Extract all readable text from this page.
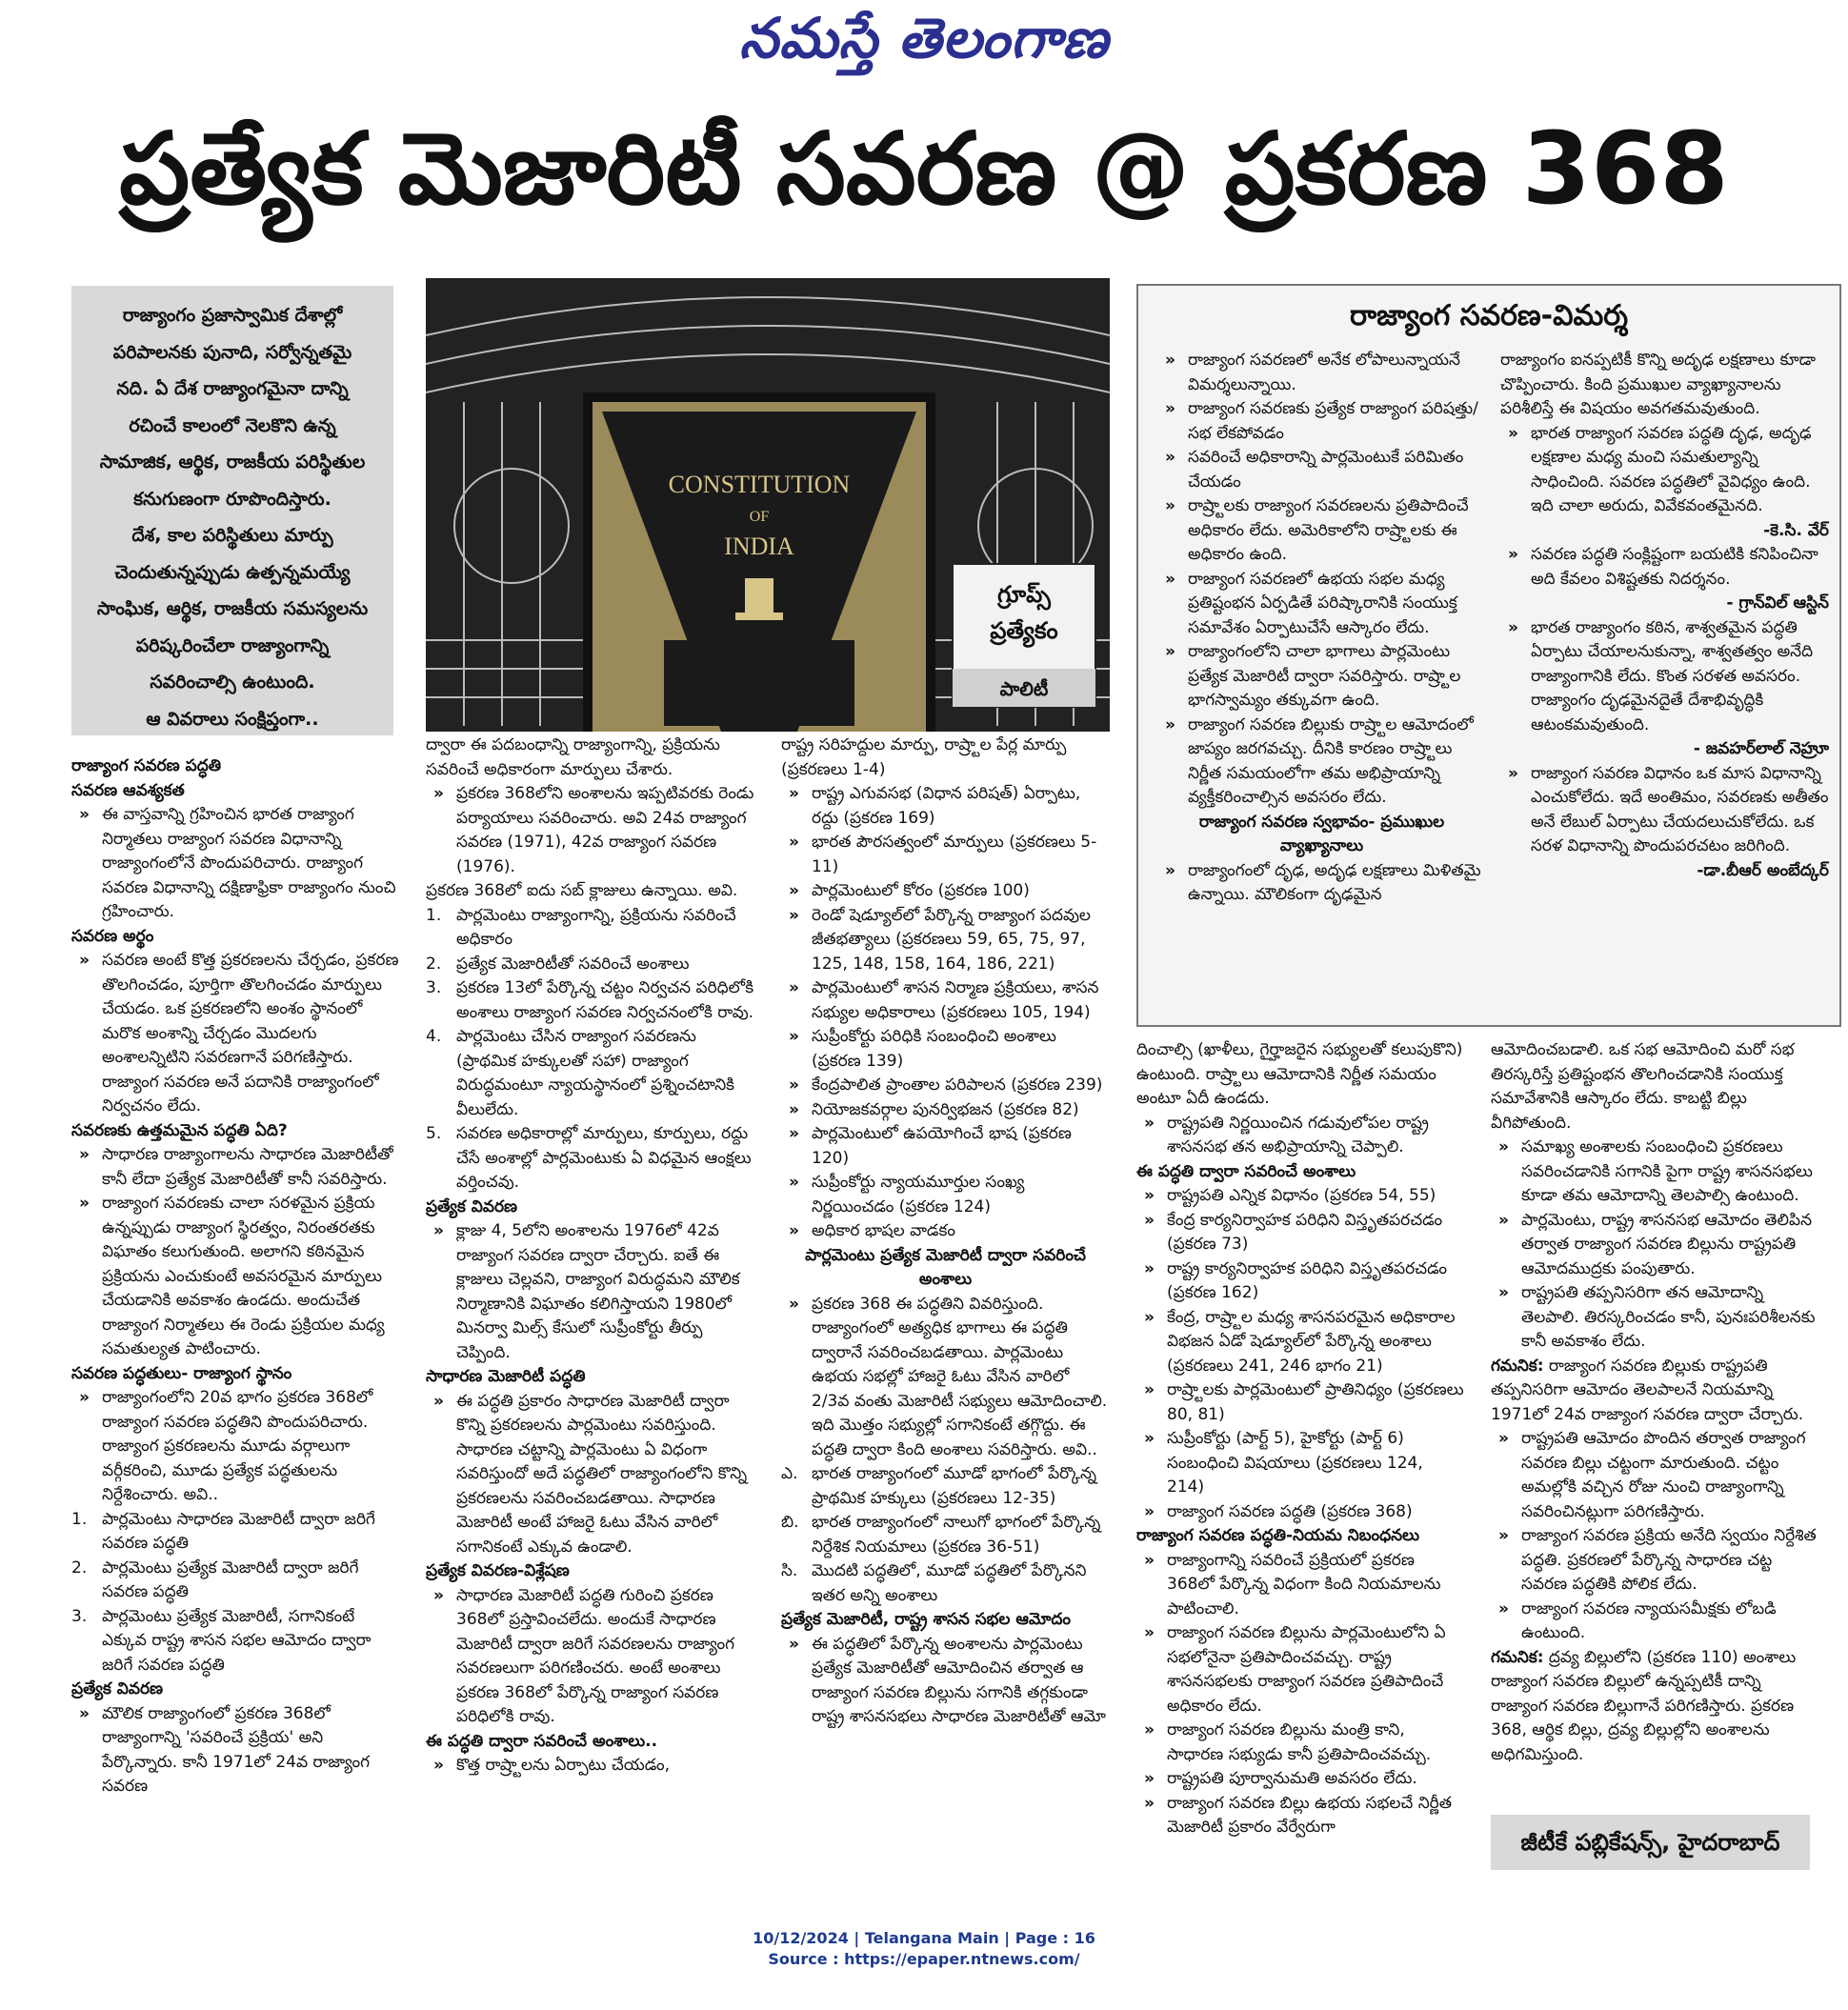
నమస్తే తెలంగాణ
ప్రత్యేక మెజారిటీ సవరణ @ ప్రకరణ 368
రాజ్యాంగం ప్రజాస్వామిక దేశాల్లో
పరిపాలనకు పునాది, సర్వోన్నతమై
నది. ఏ దేశ రాజ్యాంగమైనా దాన్ని
రచించే కాలంలో నెలకొని ఉన్న
సామాజిక, ఆర్థిక, రాజకీయ పరిస్థితుల
కనుగుణంగా రూపొందిస్తారు.
దేశ, కాల పరిస్థితులు మార్పు
చెందుతున్నప్పుడు ఉత్పన్నమయ్యే
సాంఘిక, ఆర్థిక, రాజకీయ సమస్యలను
పరిష్కరించేలా రాజ్యాంగాన్ని
సవరించాల్సి ఉంటుంది.
ఆ వివరాలు సంక్షిప్తంగా..
CONSTITUTION
OF
INDIA
గ్రూప్స్
ప్రత్యేకం
పాలిటీ
రాజ్యాంగ సవరణ-విమర్శ

» రాజ్యాంగ సవరణలో అనేక లోపాలున్నాయనే విమర్శలున్నాయి.

» రాజ్యాంగ సవరణకు ప్రత్యేక రాజ్యాంగ పరిషత్తు/సభ లేకపోవడం

» సవరించే అధికారాన్ని పార్లమెంటుకే పరిమితం చేయడం

» రాష్ర్టాలకు రాజ్యాంగ సవరణలను ప్రతిపాదించే అధికారం లేదు. అమెరికాలోని రాష్ర్టాలకు ఈ అధికారం ఉంది.

» రాజ్యాంగ సవరణలో ఉభయ సభల మధ్య ప్రతిష్టంభన ఏర్పడితే పరిష్కారానికి సంయుక్త సమావేశం ఏర్పాటుచేసే ఆస్కారం లేదు.

» రాజ్యాంగంలోని చాలా భాగాలు పార్లమెంటు ప్రత్యేక మెజారిటీ ద్వారా సవరిస్తారు. రాష్ర్టాల భాగస్వామ్యం తక్కువగా ఉంది.

» రాజ్యాంగ సవరణ బిల్లుకు రాష్ర్టాల ఆమోదంలో జాప్యం జరగవచ్చు. దీనికి కారణం రాష్ర్టాలు నిర్ణీత సమయంలోగా తమ అభిప్రాయాన్ని వ్యక్తీకరించాల్సిన అవసరం లేదు.

రాజ్యాంగ సవరణ స్వభావం- ప్రముఖుల వ్యాఖ్యానాలు

» రాజ్యాంగంలో దృఢ, అదృఢ లక్షణాలు మిళితమై ఉన్నాయి. మౌలికంగా దృఢమైన

రాజ్యాంగం ఐనప్పటికీ కొన్ని అదృఢ లక్షణాలు కూడా చొప్పించారు. కింది ప్రముఖుల వ్యాఖ్యానాలను పరిశీలిస్తే ఈ విషయం అవగతమవుతుంది.

» భారత రాజ్యాంగ సవరణ పద్ధతి దృఢ, అదృఢ లక్షణాల మధ్య మంచి సమతుల్యాన్ని సాధించింది. సవరణ పద్ధతిలో వైవిధ్యం ఉంది. ఇది చాలా అరుదు, వివేకవంతమైనది.

-కె.సి. వేర్

» సవరణ పద్ధతి సంక్లిష్టంగా బయటికి కనిపించినా అది కేవలం విశిష్టతకు నిదర్శనం.

- గ్రాన్‌విల్ ఆస్టిన్

» భారత రాజ్యాంగం కఠిన, శాశ్వతమైన పద్ధతి ఏర్పాటు చేయాలనుకున్నా, శాశ్వతత్వం అనేది రాజ్యాంగానికి లేదు. కొంత సరళత అవసరం. రాజ్యాంగం దృఢమైనదైతే దేశాభివృద్ధికి ఆటంకమవుతుంది.

- జవహర్‌లాల్ నెహ్రూ

» రాజ్యాంగ సవరణ విధానం ఒక మాస విధానాన్ని ఎంచుకోలేదు. ఇదే అంతిమం, సవరణకు అతీతం అనే లేబుల్ ఏర్పాటు చేయదలుచుకోలేదు. ఒక సరళ విధానాన్ని పొందుపరచటం జరిగింది.

-డా.బీఆర్ అంబేద్కర్

రాజ్యాంగ సవరణ పద్ధతి

సవరణ ఆవశ్యకత

» ఈ వాస్తవాన్ని గ్రహించిన భారత రాజ్యాంగ నిర్మాతలు రాజ్యాంగ సవరణ విధానాన్ని రాజ్యాంగంలోనే పొందుపరిచారు. రాజ్యాంగ సవరణ విధానాన్ని దక్షిణాఫ్రికా రాజ్యాంగం నుంచి గ్రహించారు.

సవరణ అర్థం

» సవరణ అంటే కొత్త ప్రకరణలను చేర్చడం, ప్రకరణ తొలగించడం, పూర్తిగా తొలగించడం మార్పులు చేయడం. ఒక ప్రకరణలోని అంశం స్థానంలో మరొక అంశాన్ని చేర్చడం మొదలగు అంశాలన్నిటిని సవరణగానే పరిగణిస్తారు. రాజ్యాంగ సవరణ అనే పదానికి రాజ్యాంగంలో నిర్వచనం లేదు.

సవరణకు ఉత్తమమైన పద్ధతి ఏది?

» సాధారణ రాజ్యాంగాలను సాధారణ మెజారిటీతో కానీ లేదా ప్రత్యేక మెజారిటీతో కానీ సవరిస్తారు.

» రాజ్యాంగ సవరణకు చాలా సరళమైన ప్రక్రియ ఉన్నప్పుడు రాజ్యాంగ స్థిరత్వం, నిరంతరతకు విఘాతం కలుగుతుంది. అలాగని కఠినమైన ప్రక్రియను ఎంచుకుంటే అవసరమైన మార్పులు చేయడానికి అవకాశం ఉండదు. అందుచేత రాజ్యాంగ నిర్మాతలు ఈ రెండు ప్రక్రియల మధ్య సమతుల్యత పాటించారు.

సవరణ పద్ధతులు- రాజ్యాంగ స్థానం

» రాజ్యాంగంలోని 20వ భాగం ప్రకరణ 368లో రాజ్యాంగ సవరణ పద్ధతిని పొందుపరిచారు. రాజ్యాంగ ప్రకరణలను మూడు వర్గాలుగా వర్గీకరించి, మూడు ప్రత్యేక పద్ధతులను నిర్దేశించారు. అవి..

1. పార్లమెంటు సాధారణ మెజారిటీ ద్వారా జరిగే సవరణ పద్ధతి

2. పార్లమెంటు ప్రత్యేక మెజారిటీ ద్వారా జరిగే సవరణ పద్ధతి

3. పార్లమెంటు ప్రత్యేక మెజారిటీ, సగానికంటే ఎక్కువ రాష్ట్ర శాసన సభల ఆమోదం ద్వారా జరిగే సవరణ పద్ధతి

ప్రత్యేక వివరణ

» మౌలిక రాజ్యాంగంలో ప్రకరణ 368లో రాజ్యాంగాన్ని 'సవరించే ప్రక్రియ' అని పేర్కొన్నారు. కానీ 1971లో 24వ రాజ్యాంగ సవరణ

ద్వారా ఈ పదబంధాన్ని రాజ్యాంగాన్ని, ప్రక్రియను సవరించే అధికారంగా మార్పులు చేశారు.

» ప్రకరణ 368లోని అంశాలను ఇప్పటివరకు రెండు పర్యాయాలు సవరించారు. అవి 24వ రాజ్యాంగ సవరణ (1971), 42వ రాజ్యాంగ సవరణ (1976).

ప్రకరణ 368లో ఐదు సబ్ క్లాజులు ఉన్నాయి. అవి.

1. పార్లమెంటు రాజ్యాంగాన్ని, ప్రక్రియను సవరించే అధికారం

2. ప్రత్యేక మెజారిటీతో సవరించే అంశాలు

3. ప్రకరణ 13లో పేర్కొన్న చట్టం నిర్వచన పరిధిలోకి అంశాలు రాజ్యాంగ సవరణ నిర్వచనంలోకి రావు.

4. పార్లమెంటు చేసిన రాజ్యాంగ సవరణను (ప్రాథమిక హక్కులతో సహా) రాజ్యాంగ విరుద్ధమంటూ న్యాయస్థానంలో ప్రశ్నించటానికి వీలులేదు.

5. సవరణ అధికారాల్లో మార్పులు, కూర్పులు, రద్దు చేసే అంశాల్లో పార్లమెంటుకు ఏ విధమైన ఆంక్షలు వర్తించవు.

ప్రత్యేక వివరణ

» క్లాజు 4, 5లోని అంశాలను 1976లో 42వ రాజ్యాంగ సవరణ ద్వారా చేర్చారు. ఐతే ఈ క్లాజులు చెల్లవని, రాజ్యాంగ విరుద్ధమని మౌలిక నిర్మాణానికి విఘాతం కలిగిస్తాయని 1980లో మినర్వా మిల్స్ కేసులో సుప్రీంకోర్టు తీర్పు చెప్పింది.

సాధారణ మెజారిటీ పద్ధతి

» ఈ పద్ధతి ప్రకారం సాధారణ మెజారిటీ ద్వారా కొన్ని ప్రకరణలను పార్లమెంటు సవరిస్తుంది. సాధారణ చట్టాన్ని పార్లమెంటు ఏ విధంగా సవరిస్తుందో అదే పద్ధతిలో రాజ్యాంగంలోని కొన్ని ప్రకరణలను సవరించబడతాయి. సాధారణ మెజారిటీ అంటే హాజరై ఓటు వేసిన వారిలో సగానికంటే ఎక్కువ ఉండాలి.

ప్రత్యేక వివరణ-విశ్లేషణ

» సాధారణ మెజారిటీ పద్ధతి గురించి ప్రకరణ 368లో ప్రస్తావించలేదు. అందుకే సాధారణ మెజారిటీ ద్వారా జరిగే సవరణలను రాజ్యాంగ సవరణలుగా పరిగణించరు. అంటే అంశాలు ప్రకరణ 368లో పేర్కొన్న రాజ్యాంగ సవరణ పరిధిలోకి రావు.

ఈ పద్ధతి ద్వారా సవరించే అంశాలు..

» కొత్త రాష్ర్టాలను ఏర్పాటు చేయడం,

రాష్ట్ర సరిహద్దుల మార్పు, రాష్ర్టాల పేర్ల మార్పు (ప్రకరణలు 1-4)

» రాష్ట్ర ఎగువసభ (విధాన పరిషత్) ఏర్పాటు, రద్దు (ప్రకరణ 169)

» భారత పౌరసత్వంలో మార్పులు (ప్రకరణలు 5-11)

» పార్లమెంటులో కోరం (ప్రకరణ 100)

» రెండో షెడ్యూల్‌లో పేర్కొన్న రాజ్యాంగ పదవుల జీతభత్యాలు (ప్రకరణలు 59, 65, 75, 97, 125, 148, 158, 164, 186, 221)

» పార్లమెంటులో శాసన నిర్మాణ ప్రక్రియలు, శాసన సభ్యుల అధికారాలు (ప్రకరణలు 105, 194)

» సుప్రీంకోర్టు పరిధికి సంబంధించి అంశాలు (ప్రకరణ 139)

» కేంద్రపాలిత ప్రాంతాల పరిపాలన (ప్రకరణ 239)

» నియోజకవర్గాల పునర్విభజన (ప్రకరణ 82)

» పార్లమెంటులో ఉపయోగించే భాష (ప్రకరణ 120)

» సుప్రీంకోర్టు న్యాయమూర్తుల సంఖ్య నిర్ణయించడం (ప్రకరణ 124)

» అధికార భాషల వాడకం

పార్లమెంటు ప్రత్యేక మెజారిటీ ద్వారా సవరించే అంశాలు

» ప్రకరణ 368 ఈ పద్ధతిని వివరిస్తుంది. రాజ్యాంగంలో అత్యధిక భాగాలు ఈ పద్ధతి ద్వారానే సవరించబడతాయి. పార్లమెంటు ఉభయ సభల్లో హాజరై ఓటు వేసిన వారిలో 2/3వ వంతు మెజారిటీ సభ్యులు ఆమోదించాలి. ఇది మొత్తం సభ్యుల్లో సగానికంటే తగ్గొద్దు. ఈ పద్ధతి ద్వారా కింది అంశాలు సవరిస్తారు. అవి..

ఎ. భారత రాజ్యాంగంలో మూడో భాగంలో పేర్కొన్న ప్రాథమిక హక్కులు (ప్రకరణలు 12-35)

బి. భారత రాజ్యాంగంలో నాలుగో భాగంలో పేర్కొన్న నిర్దేశిక నియమాలు (ప్రకరణ 36-51)

సి. మొదటి పద్ధతిలో, మూడో పద్ధతిలో పేర్కొనని ఇతర అన్ని అంశాలు

ప్రత్యేక మెజారిటీ, రాష్ట్ర శాసన సభల ఆమోదం

» ఈ పద్ధతిలో పేర్కొన్న అంశాలను పార్లమెంటు ప్రత్యేక మెజారిటీతో ఆమోదించిన తర్వాత ఆ రాజ్యాంగ సవరణ బిల్లును సగానికి తగ్గకుండా రాష్ట్ర శాసనసభలు సాధారణ మెజారిటీతో ఆమో

దించాల్సి (ఖాళీలు, గైర్హాజరైన సభ్యులతో కలుపుకొని) ఉంటుంది. రాష్ర్టాలు ఆమోదానికి నిర్ణీత సమయం అంటూ ఏదీ ఉండదు.

» రాష్ట్రపతి నిర్ణయించిన గడువులోపల రాష్ట్ర శాసనసభ తన అభిప్రాయాన్ని చెప్పాలి.

ఈ పద్ధతి ద్వారా సవరించే అంశాలు

» రాష్ట్రపతి ఎన్నిక విధానం (ప్రకరణ 54, 55)

» కేంద్ర కార్యనిర్వాహక పరిధిని విస్తృతపరచడం (ప్రకరణ 73)

» రాష్ట్ర కార్యనిర్వాహక పరిధిని విస్తృతపరచడం (ప్రకరణ 162)

» కేంద్ర, రాష్ర్టాల మధ్య శాసనపరమైన అధికారాల విభజన ఏడో షెడ్యూల్‌లో పేర్కొన్న అంశాలు (ప్రకరణలు 241, 246 భాగం 21)

» రాష్ర్టాలకు పార్లమెంటులో ప్రాతినిధ్యం (ప్రకరణలు 80, 81)

» సుప్రీంకోర్టు (పార్ట్ 5), హైకోర్టు (పార్ట్ 6) సంబంధించి విషయాలు (ప్రకరణలు 124, 214)

» రాజ్యాంగ సవరణ పద్ధతి (ప్రకరణ 368)

రాజ్యాంగ సవరణ పద్ధతి-నియమ నిబంధనలు

» రాజ్యాంగాన్ని సవరించే ప్రక్రియలో ప్రకరణ 368లో పేర్కొన్న విధంగా కింది నియమాలను పాటించాలి.

» రాజ్యాంగ సవరణ బిల్లును పార్లమెంటులోని ఏ సభలోనైనా ప్రతిపాదించవచ్చు. రాష్ట్ర శాసనసభలకు రాజ్యాంగ సవరణ ప్రతిపాదించే అధికారం లేదు.

» రాజ్యాంగ సవరణ బిల్లును మంత్రి కాని, సాధారణ సభ్యుడు కానీ ప్రతిపాదించవచ్చు.

» రాష్ట్రపతి పూర్వానుమతి అవసరం లేదు.

» రాజ్యాంగ సవరణ బిల్లు ఉభయ సభలచే నిర్ణీత మెజారిటీ ప్రకారం వేర్వేరుగా

ఆమోదించబడాలి. ఒక సభ ఆమోదించి మరో సభ తిరస్కరిస్తే ప్రతిష్టంభన తొలగించడానికి సంయుక్త సమావేశానికి ఆస్కారం లేదు. కాబట్టి బిల్లు వీగిపోతుంది.

» సమాఖ్య అంశాలకు సంబంధించి ప్రకరణలు సవరించడానికి సగానికి పైగా రాష్ట్ర శాసనసభలు కూడా తమ ఆమోదాన్ని తెలపాల్సి ఉంటుంది.

» పార్లమెంటు, రాష్ట్ర శాసనసభ ఆమోదం తెలిపిన తర్వాత రాజ్యాంగ సవరణ బిల్లును రాష్ట్రపతి ఆమోదముద్రకు పంపుతారు.

» రాష్ట్రపతి తప్పనిసరిగా తన ఆమోదాన్ని తెలపాలి. తిరస్కరించడం కానీ, పునఃపరిశీలనకు కానీ అవకాశం లేదు.

గమనిక: రాజ్యాంగ సవరణ బిల్లుకు రాష్ట్రపతి తప్పనిసరిగా ఆమోదం తెలపాలనే నియమాన్ని 1971లో 24వ రాజ్యాంగ సవరణ ద్వారా చేర్చారు.

» రాష్ట్రపతి ఆమోదం పొందిన తర్వాత రాజ్యాంగ సవరణ బిల్లు చట్టంగా మారుతుంది. చట్టం అమల్లోకి వచ్చిన రోజు నుంచి రాజ్యాంగాన్ని సవరించినట్లుగా పరిగణిస్తారు.

» రాజ్యాంగ సవరణ ప్రక్రియ అనేది స్వయం నిర్దేశిత పద్ధతి. ప్రకరణలో పేర్కొన్న సాధారణ చట్ట సవరణ పద్ధతికి పోలిక లేదు.

» రాజ్యాంగ సవరణ న్యాయసమీక్షకు లోబడి ఉంటుంది.

గమనిక: ద్రవ్య బిల్లులోని (ప్రకరణ 110) అంశాలు రాజ్యాంగ సవరణ బిల్లులో ఉన్నప్పటికీ దాన్ని రాజ్యాంగ సవరణ బిల్లుగానే పరిగణిస్తారు. ప్రకరణ 368, ఆర్థిక బిల్లు, ద్రవ్య బిల్లుల్లోని అంశాలను అధిగమిస్తుంది.

జీటీకే పబ్లికేషన్స్, హైదరాబాద్
10/12/2024 | Telangana Main | Page : 16
Source : https://epaper.ntnews.com/
